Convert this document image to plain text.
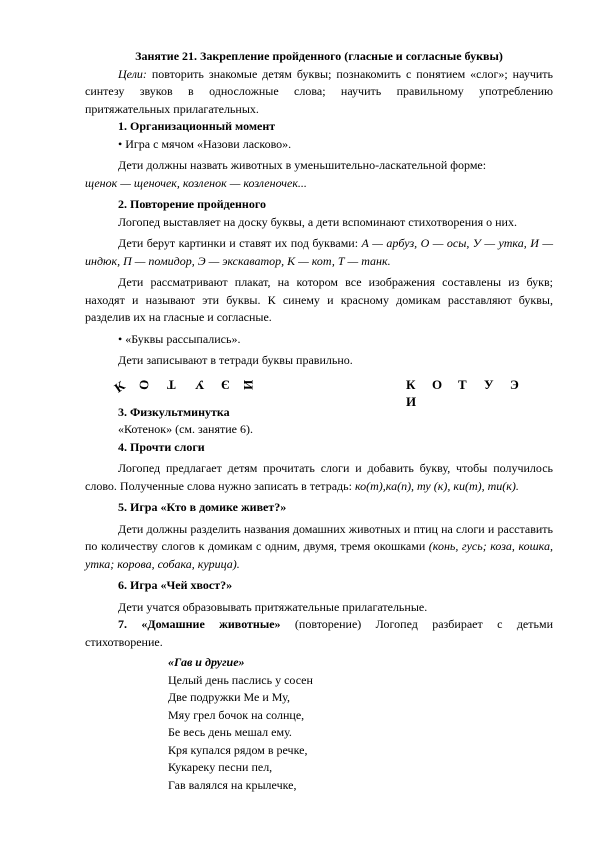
Занятие 21. Закрепление пройденного (гласные и согласные буквы)

Цели: повторить знакомые детям буквы; познакомить с понятием «слог»; научить синтезу звуков в односложные слова; научить правильному употреблению притяжательных прилагательных.

1. Организационный момент

• Игра с мячом «Назови ласково».

Дети должны назвать животных в уменьшительно-ласкательной форме:

щенок — щеночек, козленок — козленочек...

2. Повторение пройденного

Логопед выставляет на доску буквы, а дети вспоминают стихотворения о них.

Дети берут картинки и ставят их под буквами: А — арбуз, О — осы, У — утка, И — индюк, П — помидор, Э — экскаватор, К — кот, Т — танк.

Дети рассматривают плакат, на котором все изображения составлены из букв; находят и называют эти буквы. К синему и красному домикам расставляют буквы, разделив их на гласные и согласные.

• «Буквы рассыпались».

Дети записывают в тетради буквы правильно.

К О Т У Э И	К О Т У ЭИ

3. Физкультминутка

«Котенок» (см. занятие 6).

4. Прочти слоги

Логопед предлагает детям прочитать слоги и добавить букву, чтобы получилось слово. Полученные слова нужно записать в тетрадь: ко(т),ка(п), ту (к), ки(т), ти(к).

5. Игра «Кто в домике живет?»

Дети должны разделить названия домашних животных и птиц на слоги и расставить по количеству слогов к домикам с одним, двумя, тремя окошками (конь, гусь; коза, кошка, утка; корова, собака, курица).

6. Игра «Чей хвост?»

Дети учатся образовывать притяжательные прилагательные.

7. «Домашние животные» (повторение) Логопед разбирает с детьми стихотворение.

«Гав и другие»

Целый день паслись у сосен

Две подружки Ме и Му,

Мяу грел бочок на солнце,

Бе весь день мешал ему.

Кря купался рядом в речке,

Кукарекy песни пел,

Гав валялся на крылечке,
